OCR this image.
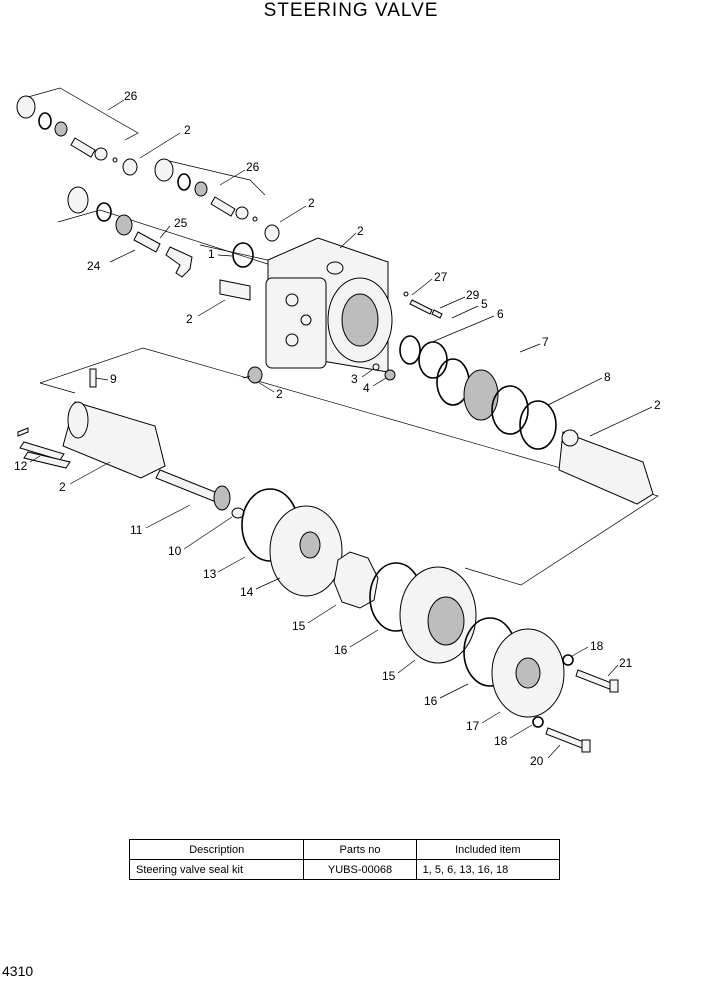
STEERING VALVE
26
2
26
2
25
24
1
2
2
27
29
5
6
2
3
4
7
8
9
2
12
2
11
10
13
14
15
16
15
16
17
18
21
18
20
Description	Parts no	Included item
Steering valve seal kit	YUBS-00068	1, 5, 6, 13, 16, 18
4310
